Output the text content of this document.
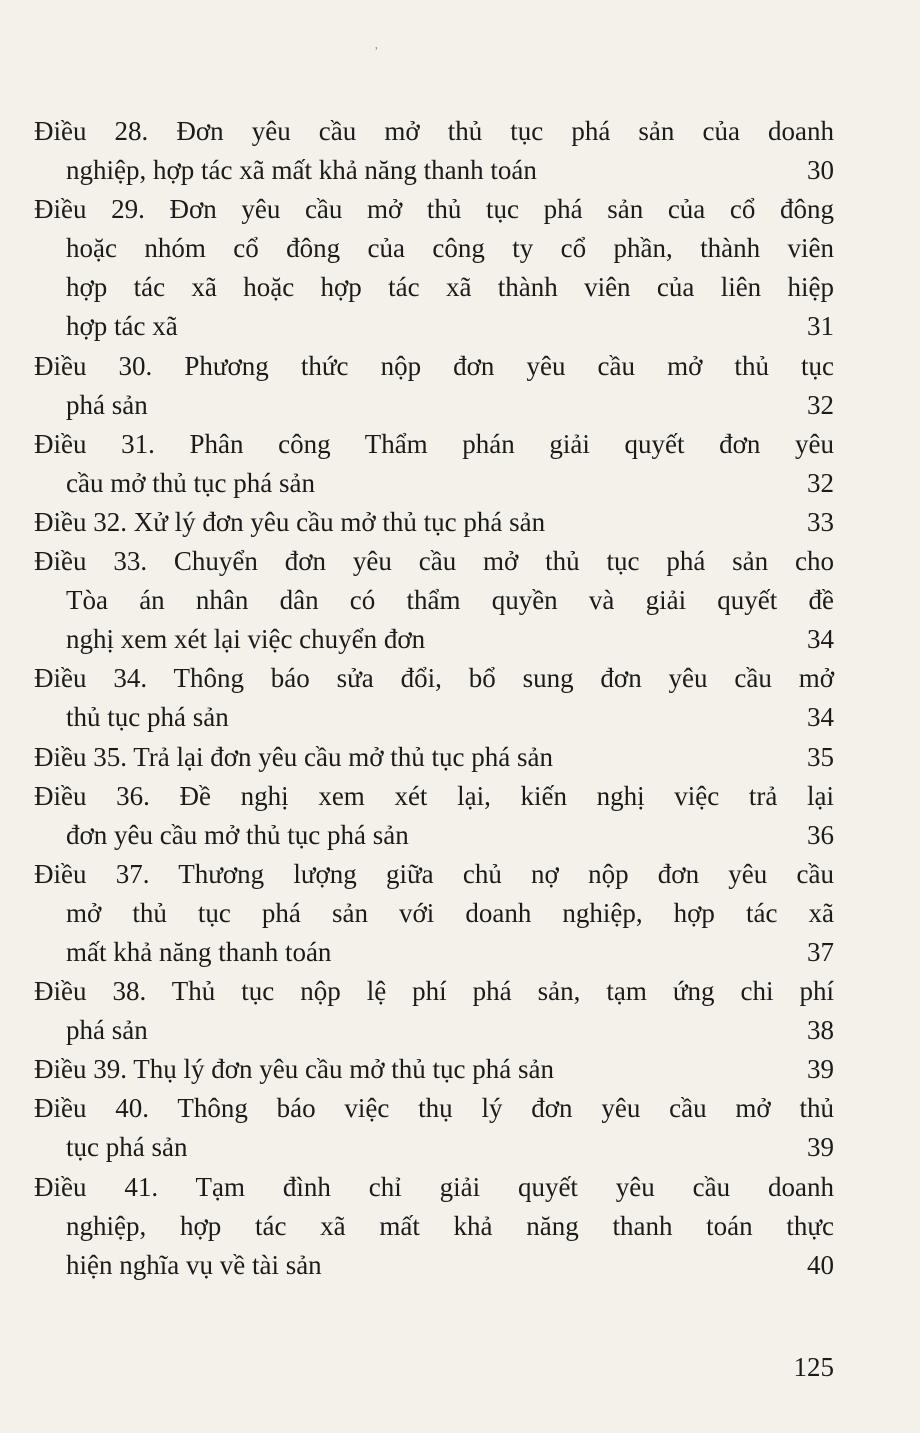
ʾ
Điều 28. Đơn yêu cầu mở thủ tục phá sản của doanh
nghiệp, hợp tác xã mất khả năng thanh toán	30
Điều 29. Đơn yêu cầu mở thủ tục phá sản của cổ đông
hoặc nhóm cổ đông của công ty cổ phần, thành viên
hợp tác xã hoặc hợp tác xã thành viên của liên hiệp
hợp tác xã	31
Điều 30. Phương thức nộp đơn yêu cầu mở thủ tục
phá sản	32
Điều 31. Phân công Thẩm phán giải quyết đơn yêu
cầu mở thủ tục phá sản	32
Điều 32. Xử lý đơn yêu cầu mở thủ tục phá sản	33
Điều 33. Chuyển đơn yêu cầu mở thủ tục phá sản cho
Tòa án nhân dân có thẩm quyền và giải quyết đề
nghị xem xét lại việc chuyển đơn	34
Điều 34. Thông báo sửa đổi, bổ sung đơn yêu cầu mở
thủ tục phá sản	34
Điều 35. Trả lại đơn yêu cầu mở thủ tục phá sản	35
Điều 36. Đề nghị xem xét lại, kiến nghị việc trả lại
đơn yêu cầu mở thủ tục phá sản	36
Điều 37. Thương lượng giữa chủ nợ nộp đơn yêu cầu
mở thủ tục phá sản với doanh nghiệp, hợp tác xã
mất khả năng thanh toán	37
Điều 38. Thủ tục nộp lệ phí phá sản, tạm ứng chi phí
phá sản	38
Điều 39. Thụ lý đơn yêu cầu mở thủ tục phá sản	39
Điều 40. Thông báo việc thụ lý đơn yêu cầu mở thủ
tục phá sản	39
Điều 41. Tạm đình chỉ giải quyết yêu cầu doanh
nghiệp, hợp tác xã mất khả năng thanh toán thực
hiện nghĩa vụ về tài sản	40
125
